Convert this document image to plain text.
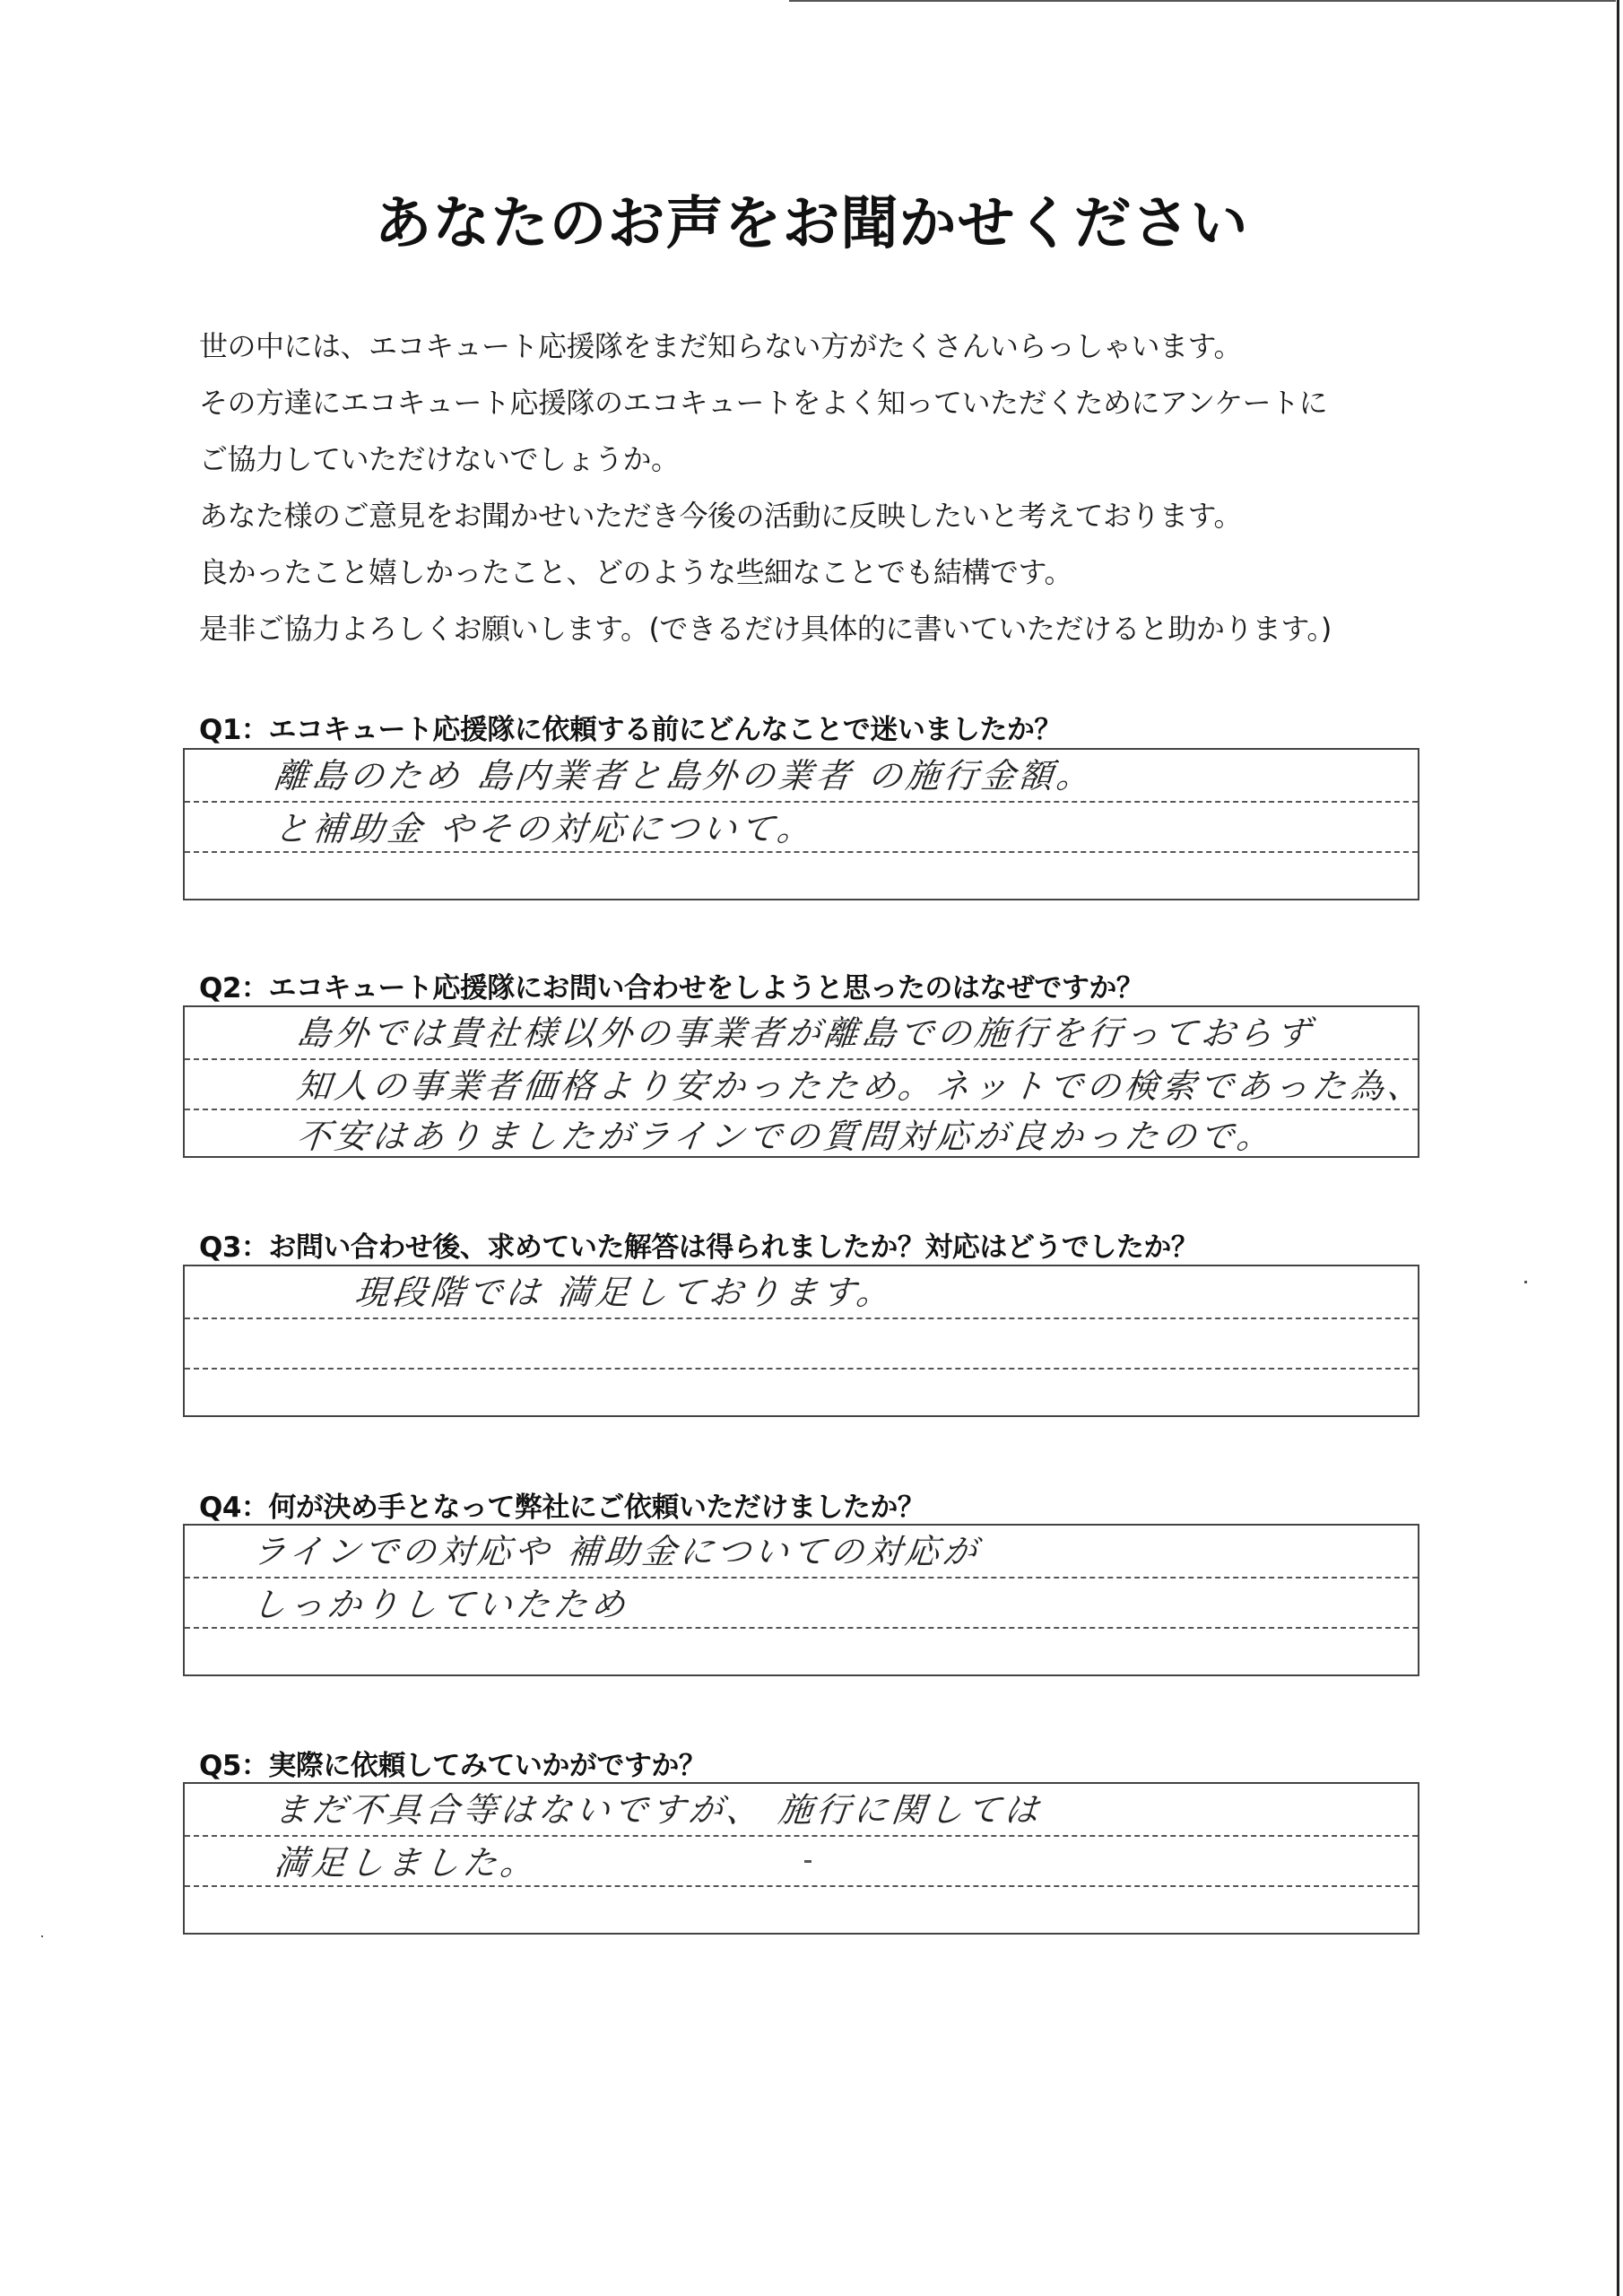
あなたのお声をお聞かせください
世の中には、エコキュート応援隊をまだ知らない方がたくさんいらっしゃいます。
その方達にエコキュート応援隊のエコキュートをよく知っていただくためにアンケートに
ご協力していただけないでしょうか。
あなた様のご意見をお聞かせいただき今後の活動に反映したいと考えております。
良かったこと嬉しかったこと、どのような些細なことでも結構です。
是非ご協力よろしくお願いします。(できるだけ具体的に書いていただけると助かります。)
Q1：エコキュート応援隊に依頼する前にどんなことで迷いましたか？
離島のため 島内業者と島外の業者 の施行金額。
と補助金 やその対応について。
Q2：エコキュート応援隊にお問い合わせをしようと思ったのはなぜですか？
島外では貴社様以外の事業者が離島での施行を行っておらず
知人の事業者価格より安かったため。ネットでの検索であった為、
不安はありましたがラインでの質問対応が良かったので。
Q3：お問い合わせ後、求めていた解答は得られましたか？対応はどうでしたか？
現段階では 満足しております。
Q4：何が決め手となって弊社にご依頼いただけましたか？
ラインでの対応や 補助金についての対応が
しっかりしていたため
Q5：実際に依頼してみていかがですか？
まだ不具合等はないですが、 施行に関しては
満足しました。
